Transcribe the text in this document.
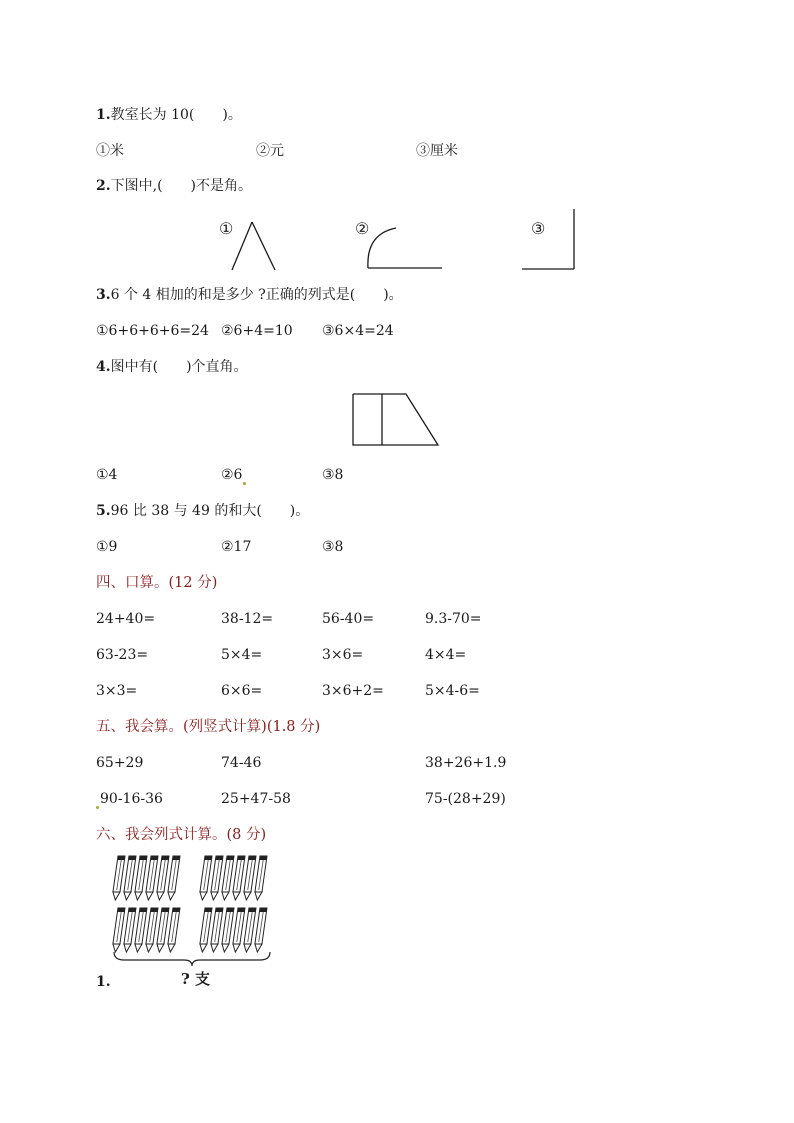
1.教室长为 10(　　)。
①米	②元	③厘米
2.下图中,(　　)不是角。
①	②	③
3.6 个 4 相加的和是多少 ?正确的列式是(　　)。
①6+6+6+6=24 ②6+4=10 ③6×4=24
4.图中有(　　)个直角。
①4	②6	③8
5.96 比 38 与 49 的和大(　　)。
①9	②17	③8
四、口算。(12 分)
24+40=	38-12=	56-40=	9.3-70=
63-23=	5×4=	3×6=	4×4=
3×3=	6×6=	3×6+2=	5×4-6=
五、我会算。(列竖式计算)(1.8 分)
65+29	74-46	38+26+1.9
90-16-36	25+47-58	75-(28+29)
六、我会列式计算。(8 分)
1.	? 支
